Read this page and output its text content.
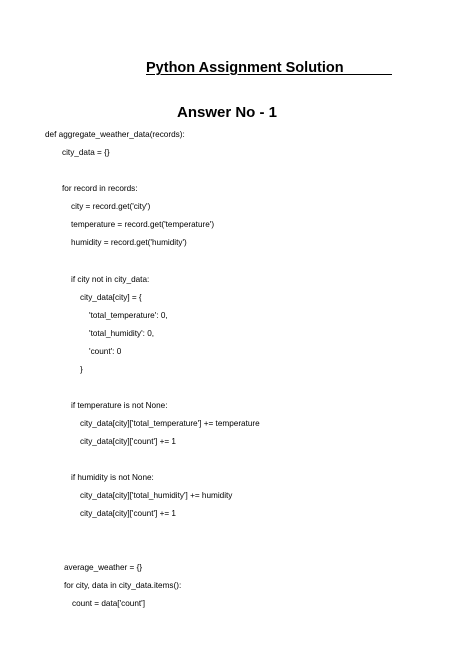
Python Assignment Solution
Answer No - 1
def aggregate_weather_data(records):
city_data = {}
for record in records:
city = record.get('city')
temperature = record.get('temperature')
humidity = record.get('humidity')
if city not in city_data:
city_data[city] = {
'total_temperature': 0,
'total_humidity': 0,
'count': 0
}
if temperature is not None:
city_data[city]['total_temperature'] += temperature
city_data[city]['count'] += 1
if humidity is not None:
city_data[city]['total_humidity'] += humidity
city_data[city]['count'] += 1
average_weather = {}
for city, data in city_data.items():
count = data['count']
